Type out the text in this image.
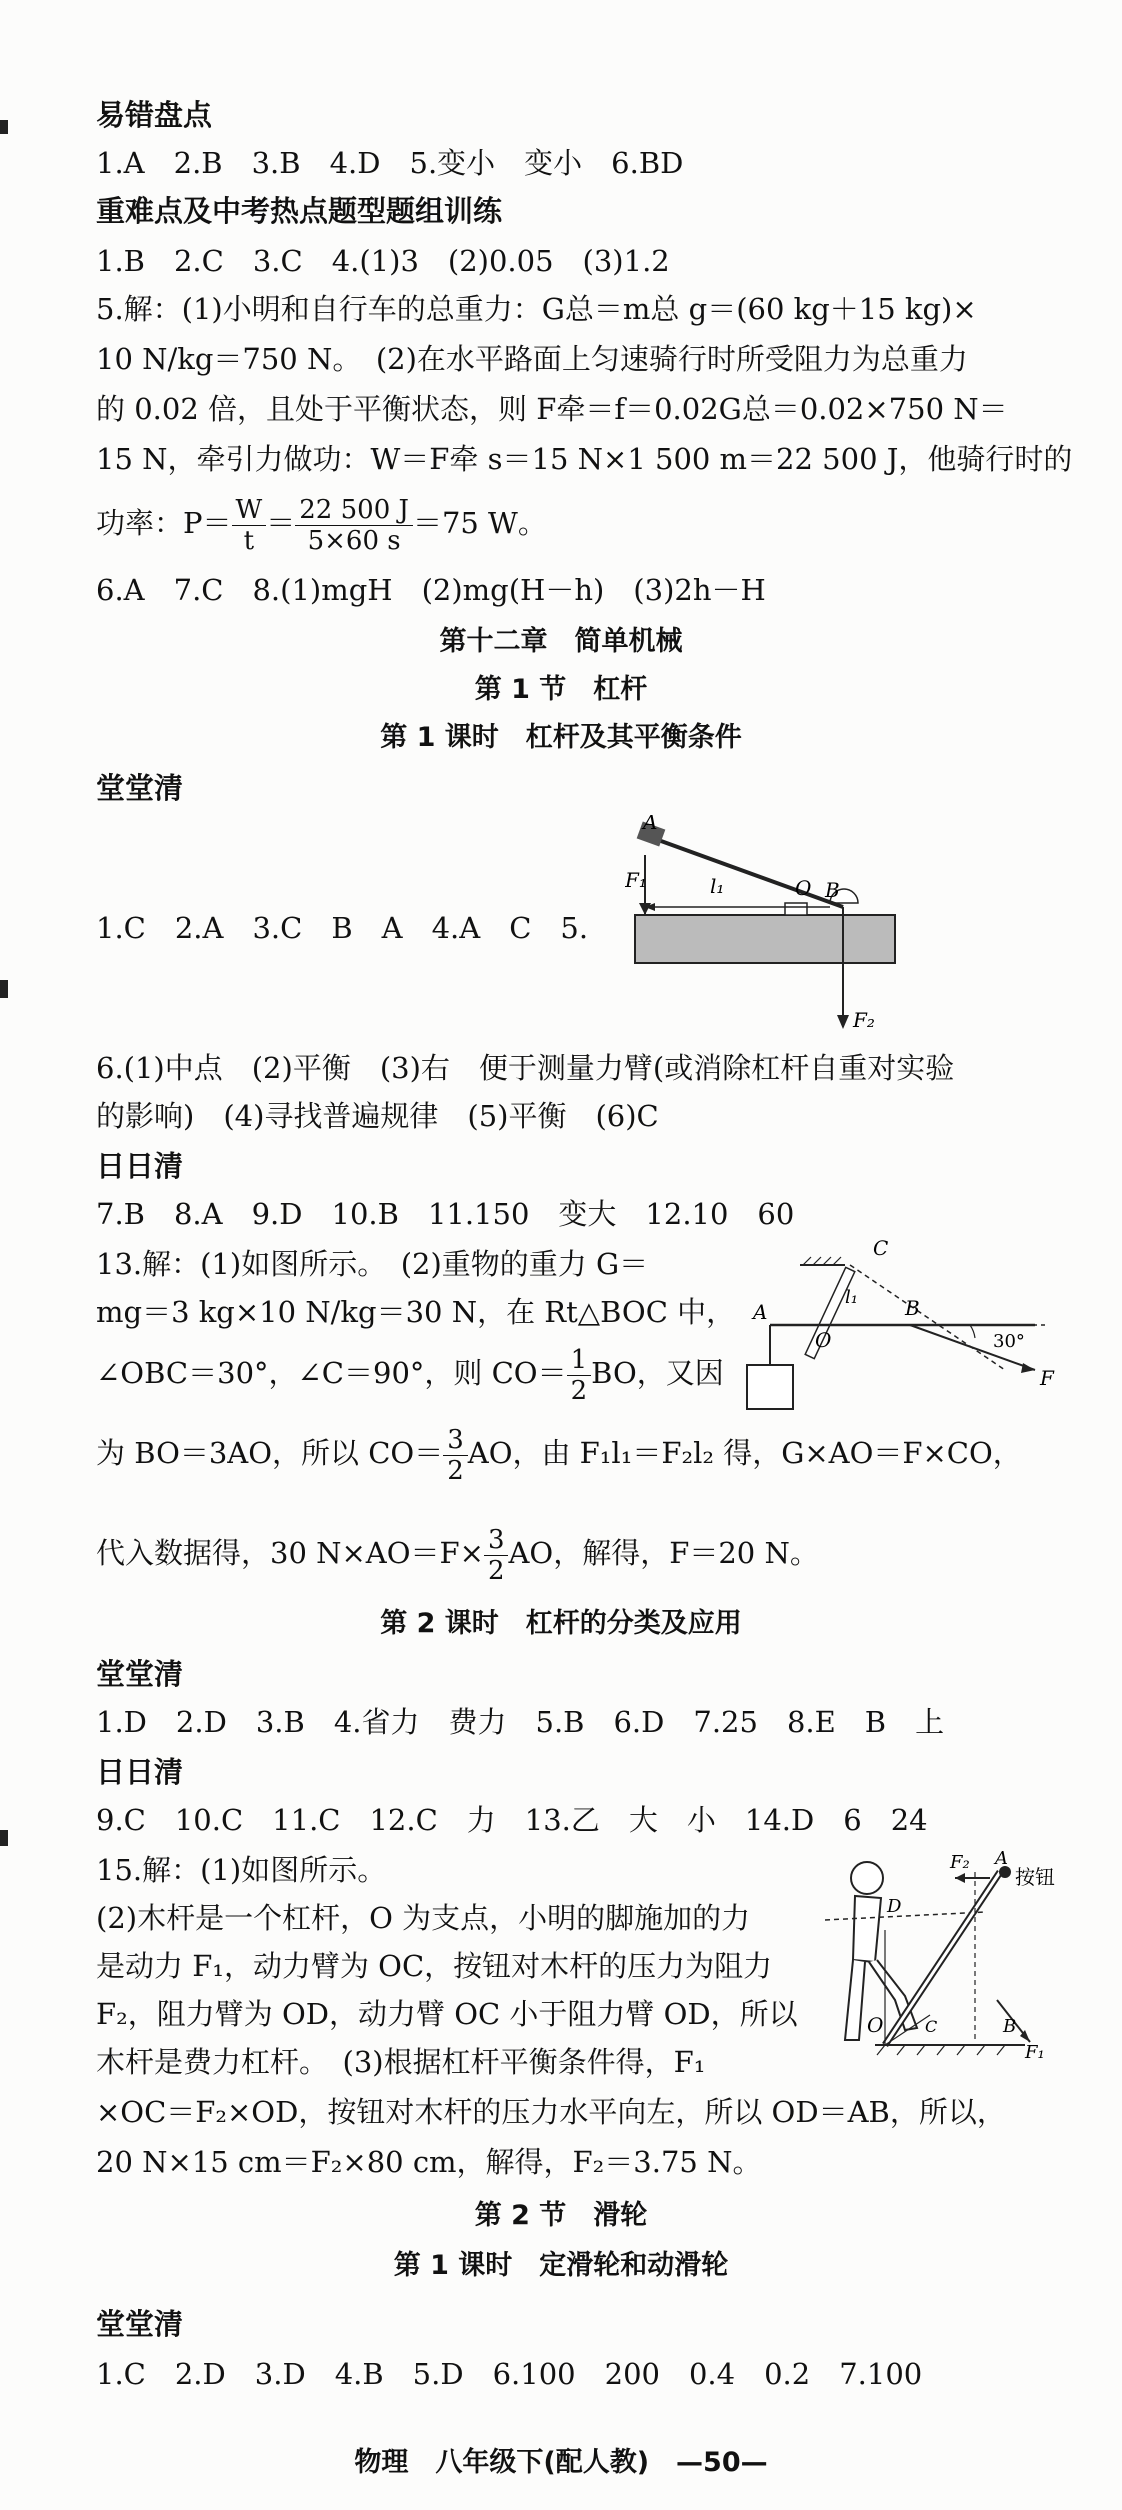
易错盘点
1.A　2.B　3.B　4.D　5.变小　变小　6.BD
重难点及中考热点题型题组训练
1.B　2.C　3.C　4.(1)3　(2)0.05　(3)1.2
5.解：(1)小明和自行车的总重力：G总＝m总 g＝(60 kg＋15 kg)×
10 N/kg＝750 N。　(2)在水平路面上匀速骑行时所受阻力为总重力
的 0.02 倍，且处于平衡状态，则 F牵＝f＝0.02G总＝0.02×750 N＝
15 N，牵引力做功：W＝F牵 s＝15 N×1 500 m＝22 500 J，他骑行时的
功率：$P= \frac{W}{t} = \frac{22 500 J}{5\times 60 s} =75$ W。
6.A　7.C　8.(1)mgH　(2)mg(H－h)　(3)2h－H
第十二章　简单机械
第 1 节　杠杆
第 1 课时　杠杆及其平衡条件
堂堂清
1.C　2.A　3.C　B　A　4.A　C　5.
A
F₁	l₁	O B
F₂
6.(1)中点　(2)平衡　(3)右　便于测量力臂(或消除杠杆自重对实验
的影响)　(4)寻找普遍规律　(5)平衡　(6)C
日日清
7.B　8.A　9.D　10.B　11.150　变大　12.10　60
13.解：(1)如图所示。　(2)重物的重力 G＝
mg＝3 kg×10 N/kg＝30 N，在 Rt△BOC 中，
∠OBC＝30°，∠C＝90°，则 $CO= \frac{1}{2}$ BO，又因
C
A
l₁
O
B
30°
F
为 BO＝3AO，所以 $CO= \frac{3}{2}$ AO，由 F₁l₁＝F₂l₂ 得，G×AO＝F×CO，
代入数据得，30 $N\times AO=F\times \frac{3}{2}$ AO，解得，F＝20 N。
第 2 课时　杠杆的分类及应用
堂堂清
1.D　2.D　3.B　4.省力　费力　5.B　6.D　7.25　8.E　B　上
日日清
9.C　10.C　11.C　12.C　力　13.乙　大　小　14.D　6　24
15.解：(1)如图所示。
(2)木杆是一个杠杆，O 为支点，小明的脚施加的力
是动力 F₁，动力臂为 OC，按钮对木杆的压力为阻力
F₂，阻力臂为 OD，动力臂 OC 小于阻力臂 OD，所以
木杆是费力杠杆。　(3)根据杠杆平衡条件得，F₁
F₂ A
按钮
D
O	C	B
F₁
×OC＝F₂×OD，按钮对木杆的压力水平向左，所以 OD＝AB，所以，
20 N×15 cm＝F₂×80 cm，解得，F₂＝3.75 N。
第 2 节　滑轮
第 1 课时　定滑轮和动滑轮
堂堂清
1.C　2.D　3.D　4.B　5.D　6.100　200　0.4　0.2　7.100
物理　八年级下(配人教)　—50—
